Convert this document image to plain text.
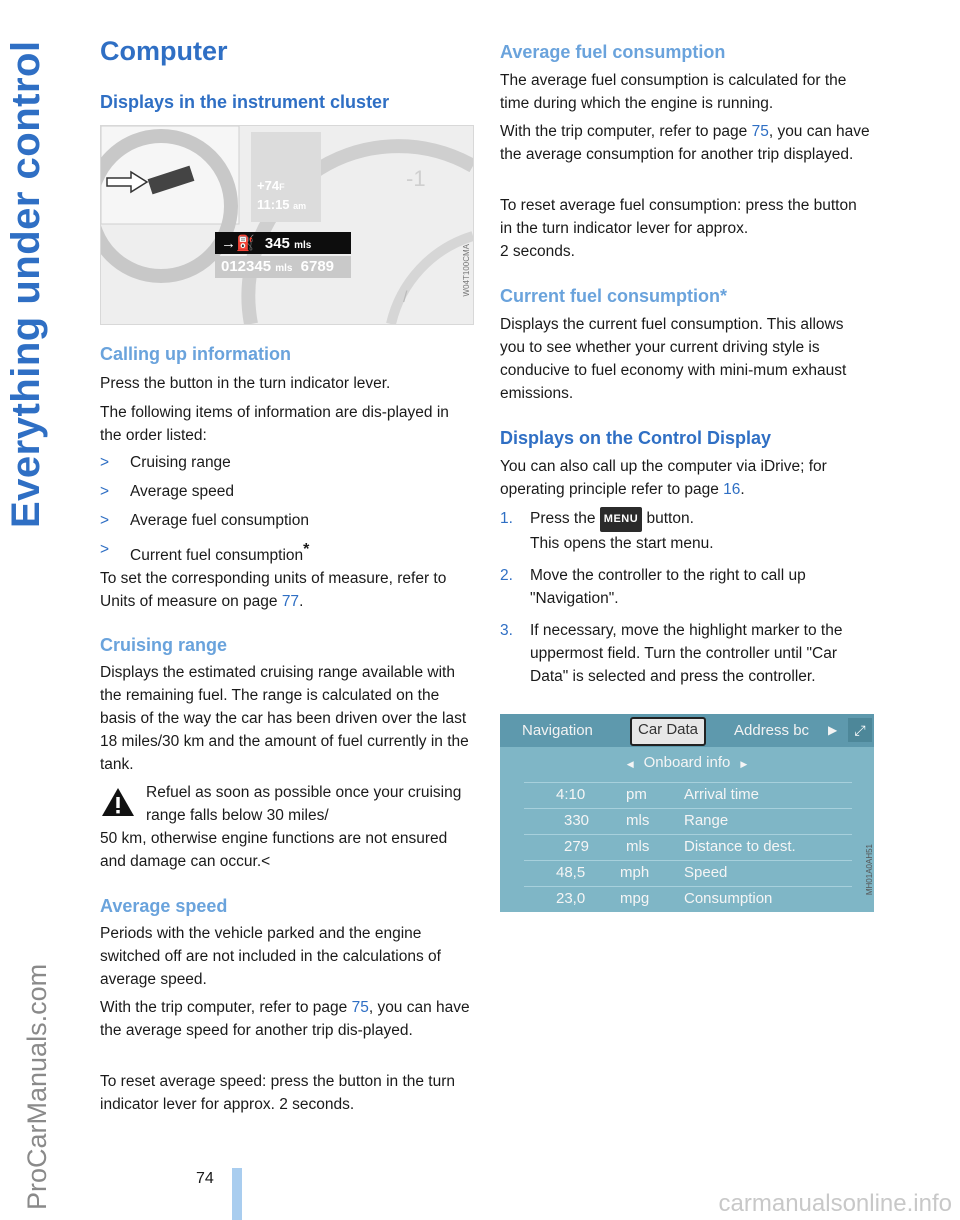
Everything under control
ProCarManuals.com
Computer
Displays in the instrument cluster
-1
/
+74F
11:15 am
→⛽ 345 mls
012345 mls 6789	W04T100CMA
Calling up information

Press the button in the turn indicator lever.

The following items of information are dis-played in the order listed:

> Cruising range
> Average speed
> Average fuel consumption
> Current fuel consumption*

To set the corresponding units of measure, refer to Units of measure on page 77.

Cruising range

Displays the estimated cruising range available with the remaining fuel. The range is calculated on the basis of the way the car has been driven over the last 18 miles/30 km and the amount of fuel currently in the tank.

Refuel as soon as possible once your cruising range falls below 30 miles/

50 km, otherwise engine functions are not ensured and damage can occur.<

Average speed

Periods with the vehicle parked and the engine switched off are not included in the calculations of average speed.

With the trip computer, refer to page 75, you can have the average speed for another trip dis-played.

To reset average speed: press the button in the turn indicator lever for approx. 2 seconds.

Average fuel consumption

The average fuel consumption is calculated for the time during which the engine is running.

With the trip computer, refer to page 75, you can have the average consumption for another trip displayed.

To reset average fuel consumption: press the button in the turn indicator lever for approx.
2 seconds.

Current fuel consumption*

Displays the current fuel consumption. This allows you to see whether your current driving style is conducive to fuel economy with mini-mum exhaust emissions.

Displays on the Control Display

You can also call up the computer via iDrive; for operating principle refer to page 16.

1. Press the MENU button.
This opens the start menu.
2. Move the controller to the right to call up "Navigation".
3. If necessary, move the highlight marker to the uppermost field. Turn the controller until "Car Data" is selected and press the controller.
Navigation	Car Data	Address bc ▶	⤢
◀ Onboard info ▶
4:10	pm Arrival time
330 mls Range
279 mls Distance to dest.
48,5 mph Speed
23,0 mpg Consumption
MH01A0AH51
74
carmanualsonline.info
